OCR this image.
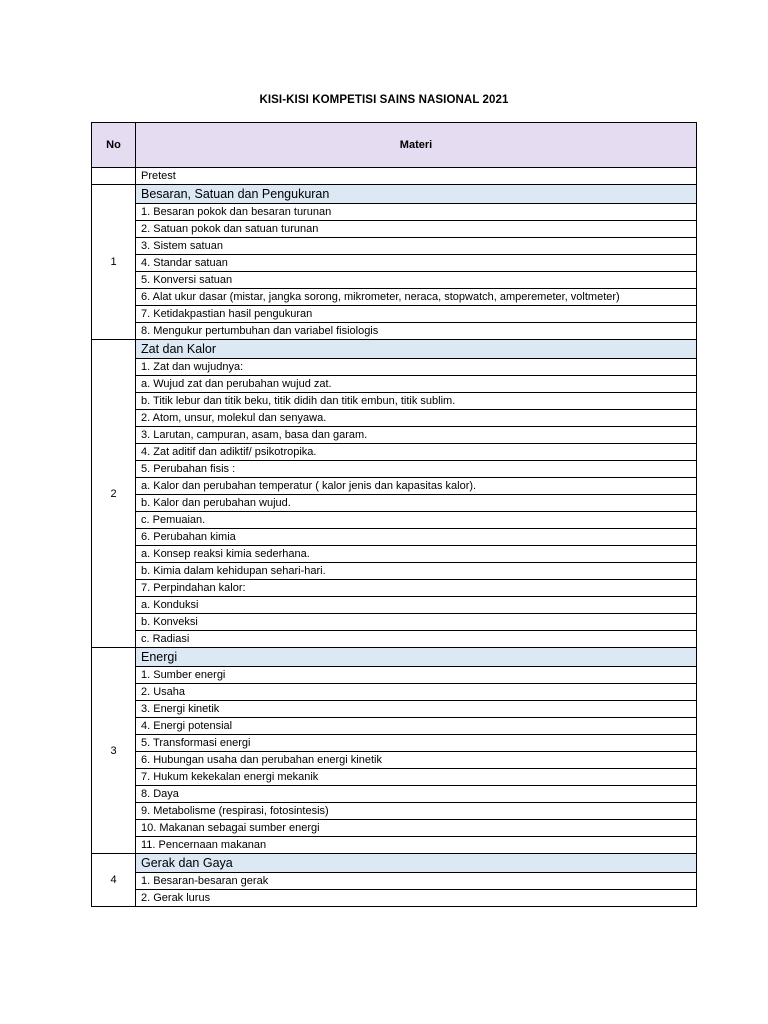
KISI-KISI KOMPETISI SAINS NASIONAL 2021
No	Materi
	Pretest
1	Besaran, Satuan dan Pengukuran
	1. Besaran pokok dan besaran turunan
	2. Satuan pokok dan satuan turunan
	3. Sistem satuan
	4. Standar satuan
	5. Konversi satuan
	6. Alat ukur dasar (mistar, jangka sorong, mikrometer, neraca, stopwatch, amperemeter, voltmeter)
	7. Ketidakpastian hasil pengukuran
	8. Mengukur pertumbuhan dan variabel fisiologis
2	Zat dan Kalor
	1. Zat dan wujudnya:
	a. Wujud zat dan perubahan wujud zat.
	b. Titik lebur dan titik beku, titik didih dan titik embun, titik sublim.
	2. Atom, unsur, molekul dan senyawa.
	3. Larutan, campuran, asam, basa dan garam.
	4. Zat aditif dan adiktif/ psikotropika.
	5. Perubahan fisis :
	a. Kalor dan perubahan temperatur ( kalor jenis dan kapasitas kalor).
	b. Kalor dan perubahan wujud.
	c. Pemuaian.
	6. Perubahan kimia
	a. Konsep reaksi kimia sederhana.
	b. Kimia dalam kehidupan sehari-hari.
	7. Perpindahan kalor:
	a. Konduksi
	b. Konveksi
	c. Radiasi
3	Energi
	1. Sumber energi
	2. Usaha
	3. Energi kinetik
	4. Energi potensial
	5. Transformasi energi
	6. Hubungan usaha dan perubahan energi kinetik
	7. Hukum kekekalan energi mekanik
	8. Daya
	9. Metabolisme (respirasi, fotosintesis)
	10. Makanan sebagai sumber energi
	11. Pencernaan makanan
4	Gerak dan Gaya
	1. Besaran-besaran gerak
	2. Gerak lurus
